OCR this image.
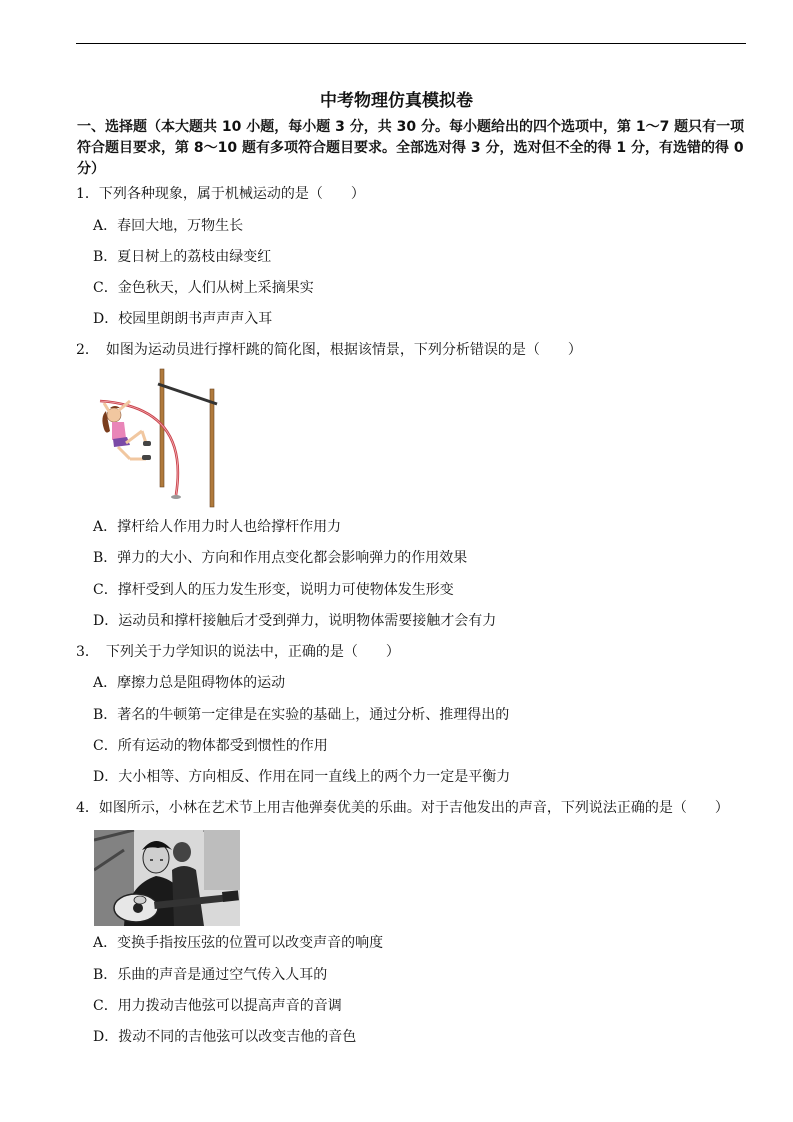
中考物理仿真模拟卷
一、选择题（本大题共 10 小题，每小题 3 分，共 30 分。每小题给出的四个选项中，第 1～7 题只有一项符合题目要求，第 8～10 题有多项符合题目要求。全部选对得 3 分，选对但不全的得 1 分，有选错的得 0 分）
1．下列各种现象，属于机械运动的是（　　）
A．春回大地，万物生长
B．夏日树上的荔枝由绿变红
C．金色秋天，人们从树上采摘果实
D．校园里朗朗书声声声入耳
2．　如图为运动员进行撑杆跳的简化图，根据该情景，下列分析错误的是（　　）
A．撑杆给人作用力时人也给撑杆作用力
B．弹力的大小、方向和作用点变化都会影响弹力的作用效果
C．撑杆受到人的压力发生形变，说明力可使物体发生形变
D．运动员和撑杆接触后才受到弹力，说明物体需要接触才会有力
3．　下列关于力学知识的说法中，正确的是（　　）
A．摩擦力总是阻碍物体的运动
B．著名的牛顿第一定律是在实验的基础上，通过分析、推理得出的
C．所有运动的物体都受到惯性的作用
D．大小相等、方向相反、作用在同一直线上的两个力一定是平衡力
4．如图所示，小林在艺术节上用吉他弹奏优美的乐曲。对于吉他发出的声音，下列说法正确的是（　　）
A．变换手指按压弦的位置可以改变声音的响度
B．乐曲的声音是通过空气传入人耳的
C．用力拨动吉他弦可以提高声音的音调
D．拨动不同的吉他弦可以改变吉他的音色
